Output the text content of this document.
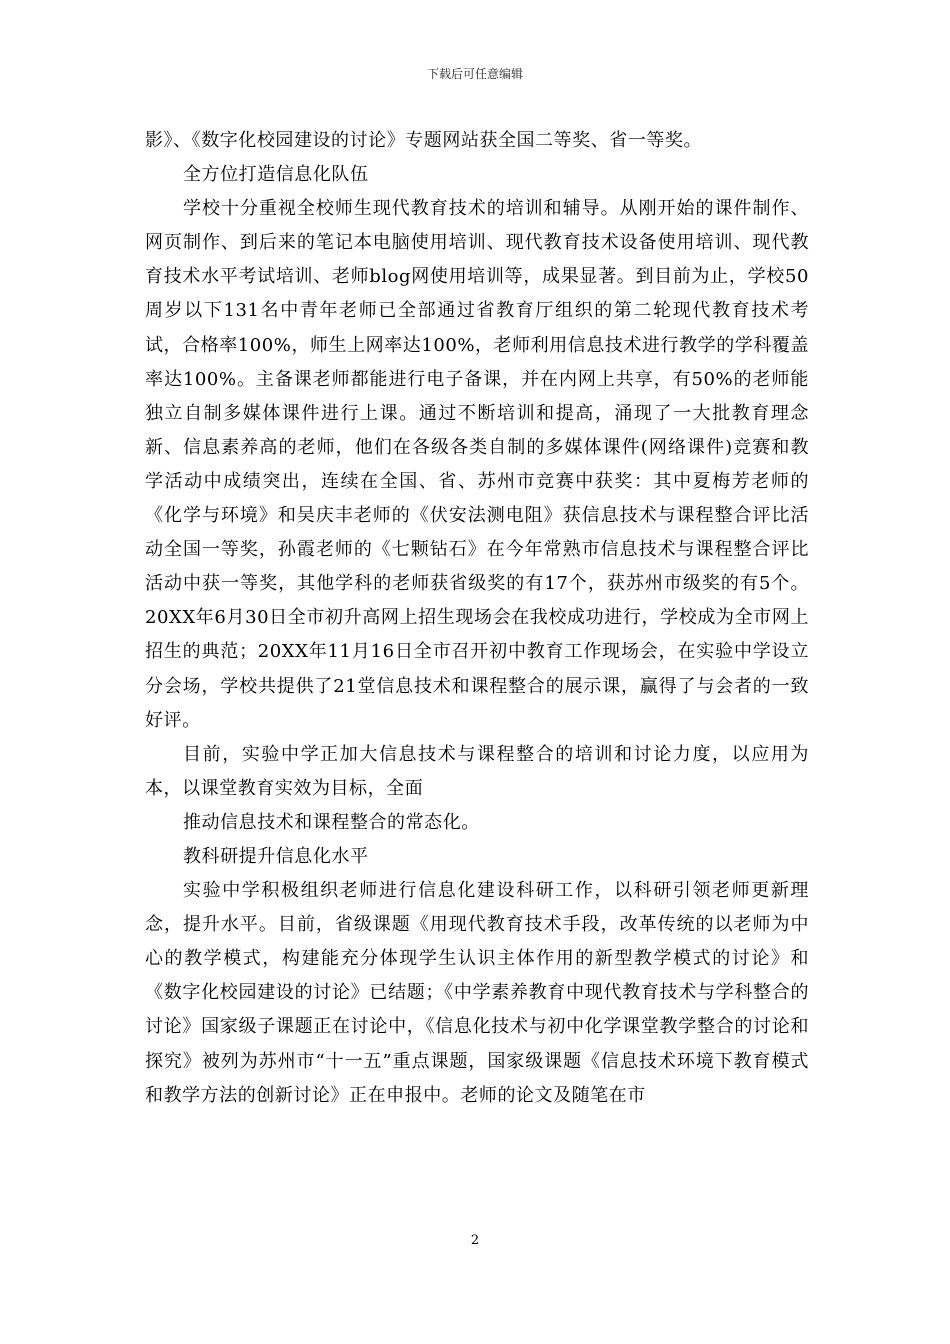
下载后可任意编辑

影》、《数字化校园建设的讨论》专题网站获全国二等奖、省一等奖。

全方位打造信息化队伍

学校十分重视全校师生现代教育技术的培训和辅导。从刚开始的课件制作、网页制作、到后来的笔记本电脑使用培训、现代教育技术设备使用培训、现代教育技术水平考试培训、老师blog网使用培训等，成果显著。到目前为止，学校50周岁以下131名中青年老师已全部通过省教育厅组织的第二轮现代教育技术考试，合格率100%，师生上网率达100%，老师利用信息技术进行教学的学科覆盖率达100%。主备课老师都能进行电子备课，并在内网上共享，有50%的老师能独立自制多媒体课件进行上课。通过不断培训和提高，涌现了一大批教育理念新、信息素养高的老师，他们在各级各类自制的多媒体课件(网络课件)竞赛和教学活动中成绩突出，连续在全国、省、苏州市竞赛中获奖：其中夏梅芳老师的《化学与环境》和吴庆丰老师的《伏安法测电阻》获信息技术与课程整合评比活动全国一等奖，孙霞老师的《七颗钻石》在今年常熟市信息技术与课程整合评比活动中获一等奖，其他学科的老师获省级奖的有17个，获苏州市级奖的有5个。20XX年6月30日全市初升高网上招生现场会在我校成功进行，学校成为全市网上招生的典范；20XX年11月16日全市召开初中教育工作现场会，在实验中学设立分会场，学校共提供了21堂信息技术和课程整合的展示课，赢得了与会者的一致好评。

目前，实验中学正加大信息技术与课程整合的培训和讨论力度，以应用为本，以课堂教育实效为目标，全面

推动信息技术和课程整合的常态化。

教科研提升信息化水平

实验中学积极组织老师进行信息化建设科研工作，以科研引领老师更新理念，提升水平。目前，省级课题《用现代教育技术手段，改革传统的以老师为中心的教学模式，构建能充分体现学生认识主体作用的新型教学模式的讨论》和《数字化校园建设的讨论》已结题；《中学素养教育中现代教育技术与学科整合的讨论》国家级子课题正在讨论中，《信息化技术与初中化学课堂教学整合的讨论和探究》被列为苏州市“十一五”重点课题，国家级课题《信息技术环境下教育模式和教学方法的创新讨论》正在申报中。老师的论文及随笔在市

2
